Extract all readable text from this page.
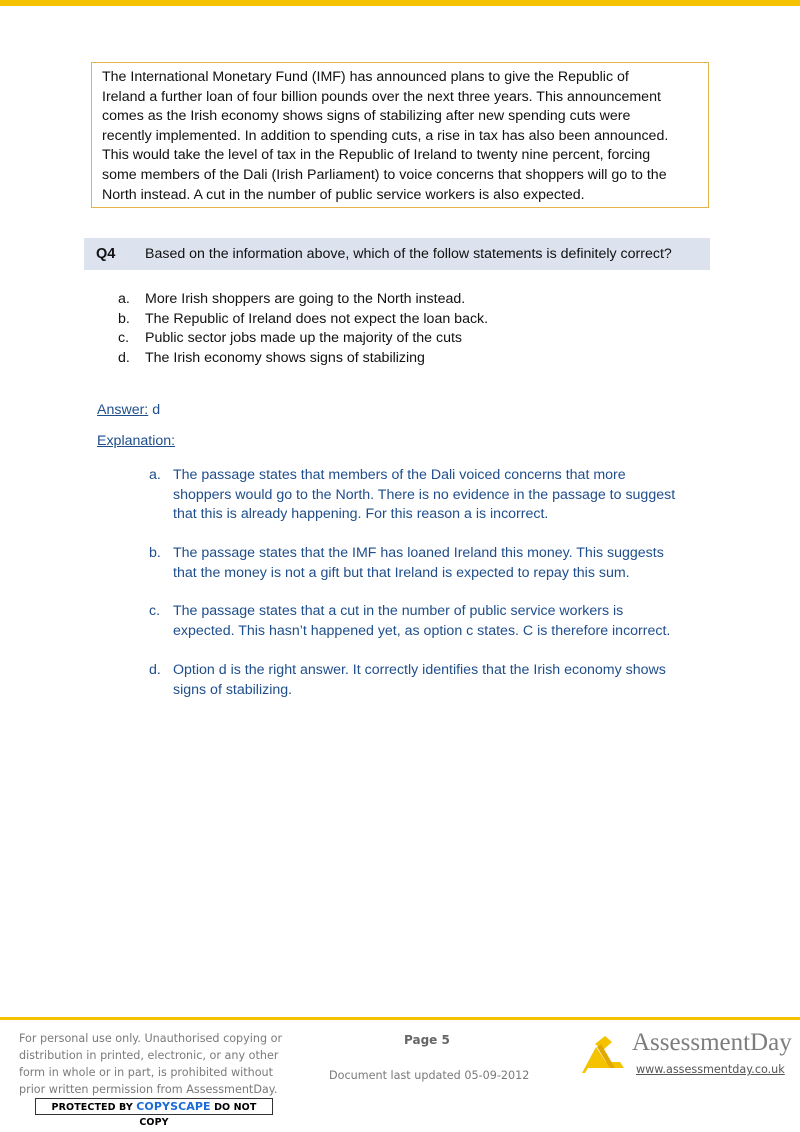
The International Monetary Fund (IMF) has announced plans to give the Republic of
Ireland a further loan of four billion pounds over the next three years. This announcement
comes as the Irish economy shows signs of stabilizing after new spending cuts were
recently implemented. In addition to spending cuts, a rise in tax has also been announced.
This would take the level of tax in the Republic of Ireland to twenty nine percent, forcing
some members of the Dali (Irish Parliament) to voice concerns that shoppers will go to the
North instead. A cut in the number of public service workers is also expected.
Q4 Based on the information above, which of the follow statements is definitely correct?
a.	More Irish shoppers are going to the North instead.
b.	The Republic of Ireland does not expect the loan back.
c.	Public sector jobs made up the majority of the cuts
d.	The Irish economy shows signs of stabilizing
Answer: d
Explanation:
a. The passage states that members of the Dali voiced concerns that more
shoppers would go to the North. There is no evidence in the passage to suggest
that this is already happening. For this reason a is incorrect.
b. The passage states that the IMF has loaned Ireland this money. This suggests
that the money is not a gift but that Ireland is expected to repay this sum.
c. The passage states that a cut in the number of public service workers is
expected. This hasn’t happened yet, as option c states. C is therefore incorrect.
d. Option d is the right answer. It correctly identifies that the Irish economy shows
signs of stabilizing.
For personal use only. Unauthorised copying or
distribution in printed, electronic, or any other
form in whole or in part, is prohibited without
prior written permission from AssessmentDay.
PROTECTED BY COPYSCAPE DO NOT COPY
Page 5
Document last updated 05-09-2012
AssessmentDay
www.assessmentday.co.uk
